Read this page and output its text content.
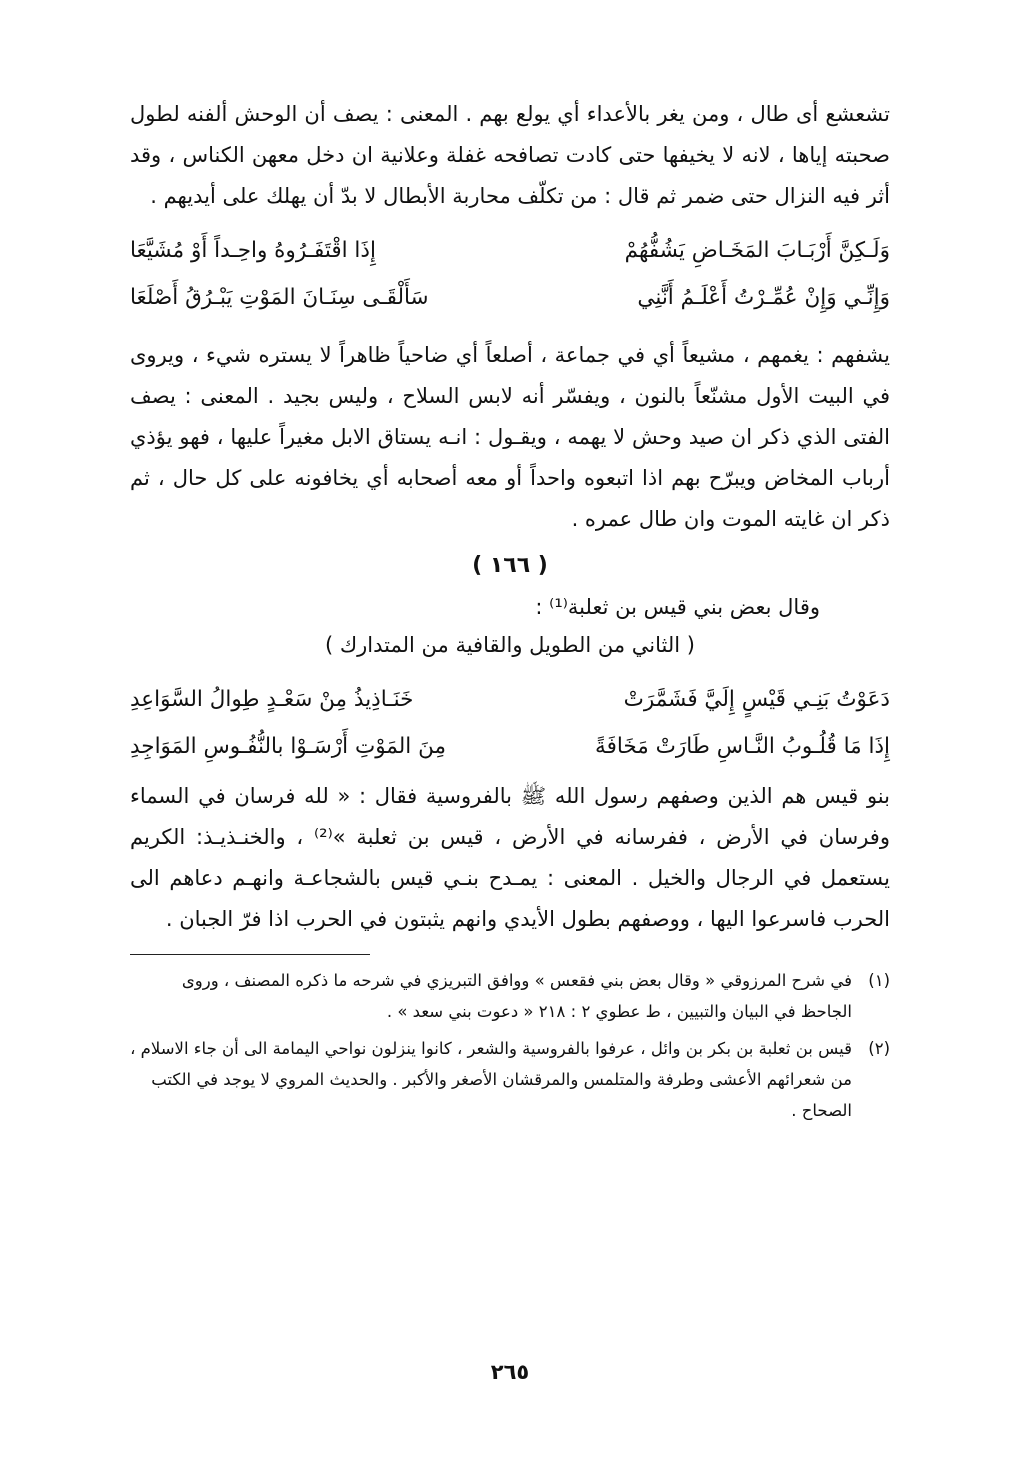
تشعشع أى طال ، ومن يغر بالأعداء أي يولع بهم . المعنى : يصف أن الوحش ألفنه لطول صحبته إياها ، لانه لا يخيفها حتى كادت تصافحه غفلة وعلانية ان دخل معهن الكناس ، وقد أثر فيه النزال حتى ضمر ثم قال : من تكلّف محاربة الأبطال لا بدّ أن يهلك على أيديهم .

وَلَـكِنَّ أَرْبَـابَ المَخَـاضِ يَشُفُّهُمْ
إِذَا اقْتَفَـرُوهُ واحِـداً أَوْ مُشَيَّعَا
وَإِنِّـي وَإِنْ عُمِّـرْتُ أَعْلَـمُ أَنَّنِي
سَأَلْقَـى سِنَـانَ المَوْتِ يَبْـرُقُ أَصْلَعَا

يشفهم : يغمهم ، مشيعاً أي في جماعة ، أصلعاً أي ضاحياً ظاهراً لا يستره شيء ، ويروى في البيت الأول مشنّعاً بالنون ، ويفسّر أنه لابس السلاح ، وليس بجيد . المعنى : يصف الفتى الذي ذكر ان صيد وحش لا يهمه ، ويقـول : انـه يستاق الابل مغيراً عليها ، فهو يؤذي أرباب المخاض ويبرّح بهم اذا اتبعوه واحداً أو معه أصحابه أي يخافونه على كل حال ، ثم ذكر ان غايته الموت وان طال عمره .

( ١٦٦ )
وقال بعض بني قيس بن ثعلبة⁽¹⁾ :
( الثاني من الطويل والقافية من المتدارك )
دَعَوْتُ بَنِـي قَيْسٍ إِلَيَّ فَشَمَّرَتْ
خَنَـاذِيذُ مِنْ سَعْـدٍ طِوالُ السَّوَاعِدِ
إِذَا مَا قُلُـوبُ النَّـاسِ طَارَتْ مَخَافَةً
مِنَ المَوْتِ أَرْسَـوْا بالنُّفُـوسِ المَوَاجِدِ

بنو قيس هم الذين وصفهم رسول الله ﷺ بالفروسية فقال : « لله فرسان في السماء وفرسان في الأرض ، ففرسانه في الأرض ، قيس بن ثعلبة »⁽²⁾ ، والخنـذيـذ: الكريم يستعمل في الرجال والخيل . المعنى : يمـدح بنـي قيس بالشجاعـة وانهـم دعاهم الى الحرب فاسرعوا اليها ، ووصفهم بطول الأيدي وانهم يثبتون في الحرب اذا فرّ الجبان .

(١)
في شرح المرزوقي « وقال بعض بني فقعس » ووافق التبريزي في شرحه ما ذكره المصنف ، وروى الجاحظ في البيان والتبيين ، ط عطوي ٢ : ٢١٨ « دعوت بني سعد » .
(٢)
قيس بن ثعلبة بن بكر بن وائل ، عرفوا بالفروسية والشعر ، كانوا ينزلون نواحي اليمامة الى أن جاء الاسلام ، من شعرائهم الأعشى وطرفة والمتلمس والمرقشان الأصغر والأكبر . والحديث المروي لا يوجد في الكتب الصحاح .
٢٦٥
